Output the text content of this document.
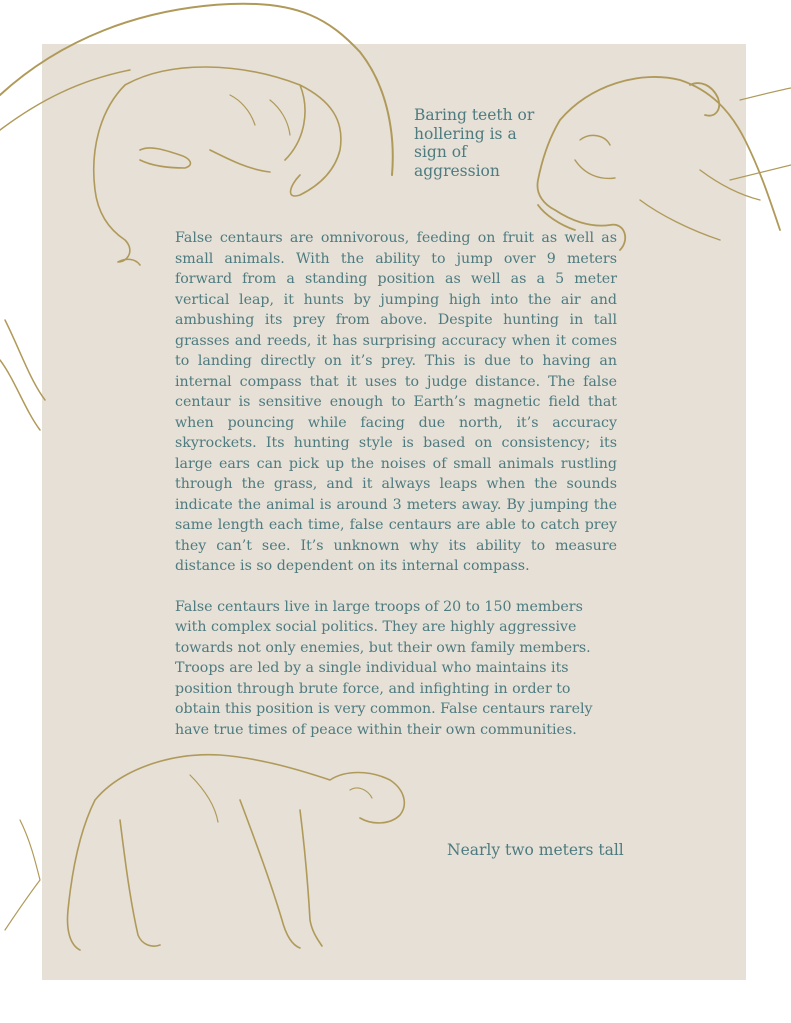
Baring teeth or hollering is a sign of aggression

False centaurs are omnivorous, feeding on fruit as well as small animals. With the ability to jump over 9 meters forward from a standing position as well as a 5 meter vertical leap, it hunts by jumping high into the air and ambushing its prey from above. Despite hunting in tall grasses and reeds, it has surprising accuracy when it comes to landing directly on it’s prey. This is due to having an internal compass that it uses to judge distance. The false centaur is sensitive enough to Earth’s magnetic field that when pouncing while facing due north, it’s accuracy skyrockets. Its hunting style is based on consistency; its large ears can pick up the noises of small animals rustling through the grass, and it always leaps when the sounds indicate the animal is around 3 meters away. By jumping the same length each time, false centaurs are able to catch prey they can’t see. It’s unknown why its ability to measure distance is so dependent on its internal compass.

False centaurs live in large troops of 20 to 150 members with complex social politics. They are highly aggressive towards not only enemies, but their own family members. Troops are led by a single individual who maintains its position through brute force, and infighting in order to obtain this position is very common. False centaurs rarely have true times of peace within their own communities.

Nearly two meters tall
